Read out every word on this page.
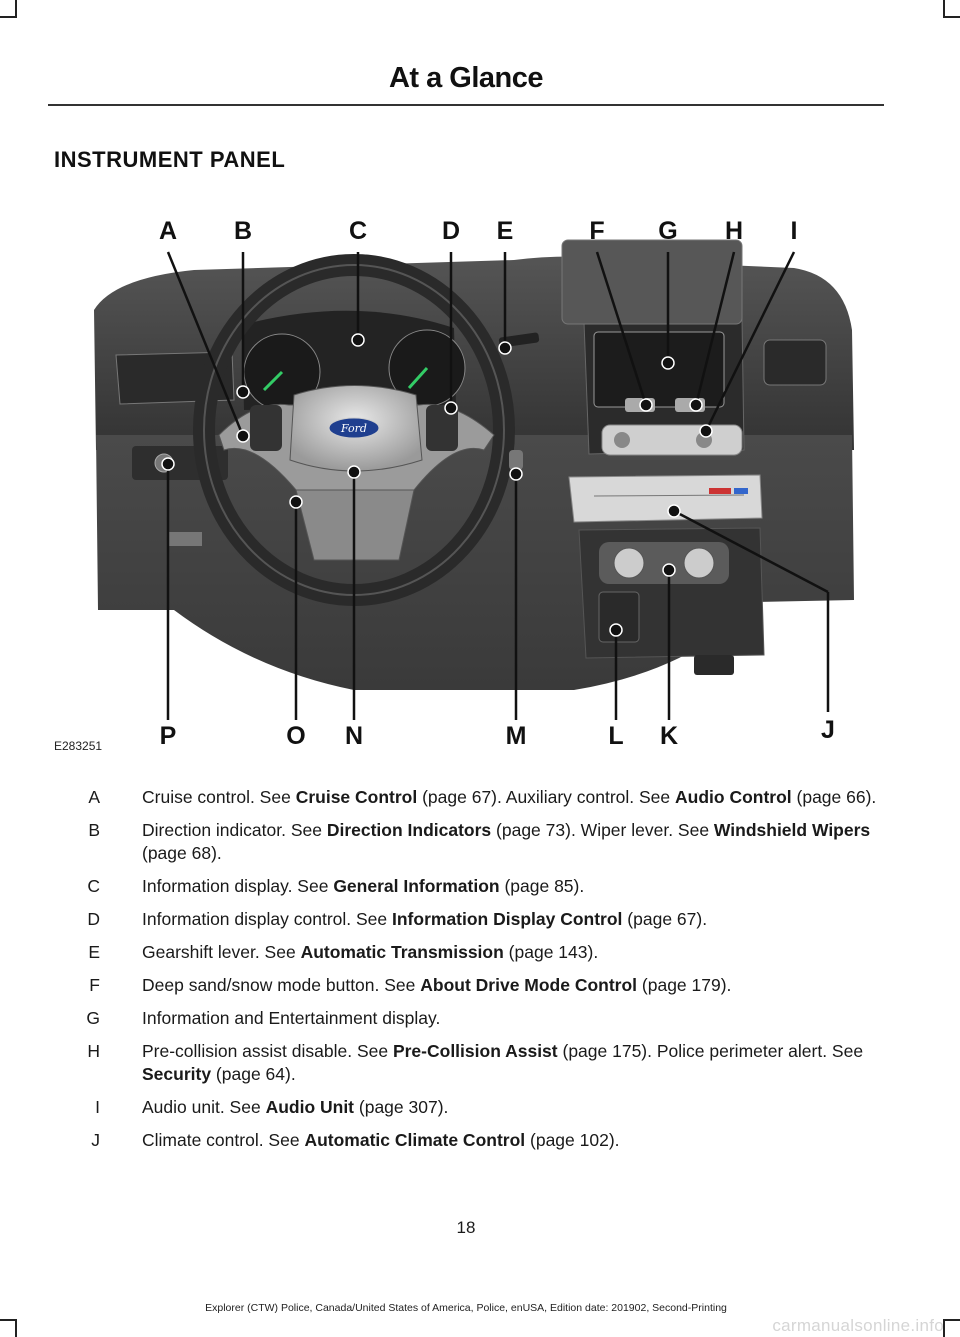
At a Glance
INSTRUMENT PANEL
Ford
A B	C	D E	F G H I
P	O N	M	L K	J
E283251
A Cruise control. See Cruise Control (page 67). Auxiliary control. See Audio Control (page 66).
B Direction indicator. See Direction Indicators (page 73). Wiper lever. See Windshield Wipers (page 68).
C Information display. See General Information (page 85).
D Information display control. See Information Display Control (page 67).
E Gearshift lever. See Automatic Transmission (page 143).
F Deep sand/snow mode button. See About Drive Mode Control (page 179).
G Information and Entertainment display.
H Pre-collision assist disable. See Pre-Collision Assist (page 175). Police perimeter alert. See Security (page 64).
I Audio unit. See Audio Unit (page 307).
J Climate control. See Automatic Climate Control (page 102).
18
Explorer (CTW) Police, Canada/United States of America, Police, enUSA, Edition date: 201902, Second-Printing
carmanualsonline.info
